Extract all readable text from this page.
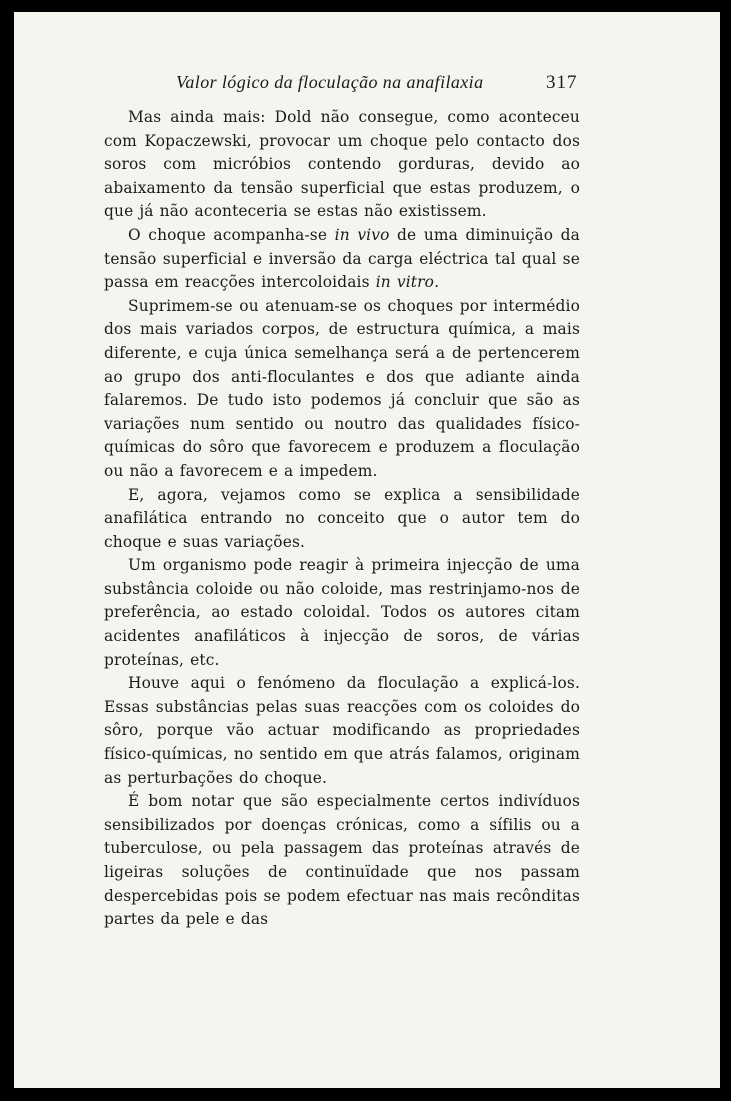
Valor lógico da floculação na anafilaxia	317

Mas ainda mais: Dold não consegue, como aconteceu com Kopaczewski, provocar um choque pelo contacto dos soros com micróbios contendo gorduras, devido ao abaixamento da tensão superficial que estas produzem, o que já não aconteceria se estas não existissem.

O choque acompanha-se in vivo de uma diminuição da tensão superficial e inversão da carga eléctrica tal qual se passa em reacções intercoloidais in vitro.

Suprimem-se ou atenuam-se os choques por intermédio dos mais variados corpos, de estructura química, a mais diferente, e cuja única semelhança será a de pertencerem ao grupo dos anti-floculantes e dos que adiante ainda falaremos. De tudo isto podemos já concluir que são as variações num sentido ou noutro das qualidades físico-químicas do sôro que favorecem e produzem a floculação ou não a favorecem e a impedem.

E, agora, vejamos como se explica a sensibilidade anafilática entrando no conceito que o autor tem do choque e suas variações.

Um organismo pode reagir à primeira injecção de uma substância coloide ou não coloide, mas restrinjamo-nos de preferência, ao estado coloidal. Todos os autores citam acidentes anafiláticos à injecção de soros, de várias proteínas, etc.

Houve aqui o fenómeno da floculação a explicá-los. Essas substâncias pelas suas reacções com os coloides do sôro, porque vão actuar modificando as propriedades físico-químicas, no sentido em que atrás falamos, originam as perturbações do choque.

É bom notar que são especialmente certos indivíduos sensibilizados por doenças crónicas, como a sífilis ou a tuberculose, ou pela passagem das proteínas através de ligeiras soluções de continuïdade que nos passam despercebidas pois se podem efectuar nas mais recônditas partes da pele e das
